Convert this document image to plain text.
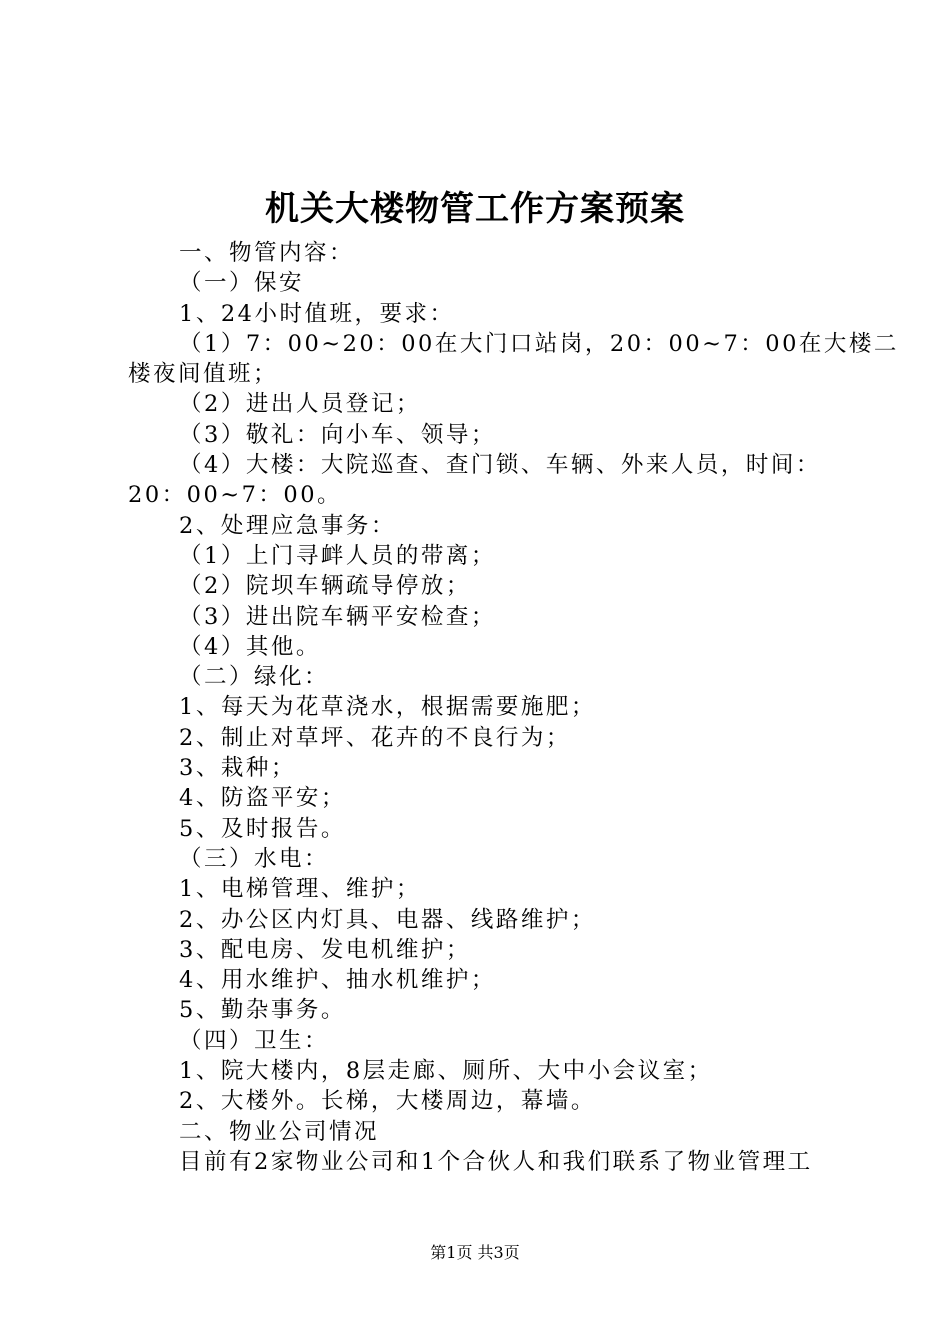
机关大楼物管工作方案预案
一、物管内容：
（一）保安
1、24小时值班，要求：
（1）7：00~20：00在大门口站岗，20：00~7：00在大楼二
楼夜间值班；
（2）进出人员登记；
（3）敬礼：向小车、领导；
（4）大楼：大院巡查、查门锁、车辆、外来人员，时间：
20：00~7：00。
2、处理应急事务：
（1）上门寻衅人员的带离；
（2）院坝车辆疏导停放；
（3）进出院车辆平安检查；
（4）其他。
（二）绿化：
1、每天为花草浇水，根据需要施肥；
2、制止对草坪、花卉的不良行为；
3、栽种；
4、防盗平安；
5、及时报告。
（三）水电：
1、电梯管理、维护；
2、办公区内灯具、电器、线路维护；
3、配电房、发电机维护；
4、用水维护、抽水机维护；
5、勤杂事务。
（四）卫生：
1、院大楼内，8层走廊、厕所、大中小会议室；
2、大楼外。长梯，大楼周边，幕墙。
二、物业公司情况
目前有2家物业公司和1个合伙人和我们联系了物业管理工
第1页 共3页
